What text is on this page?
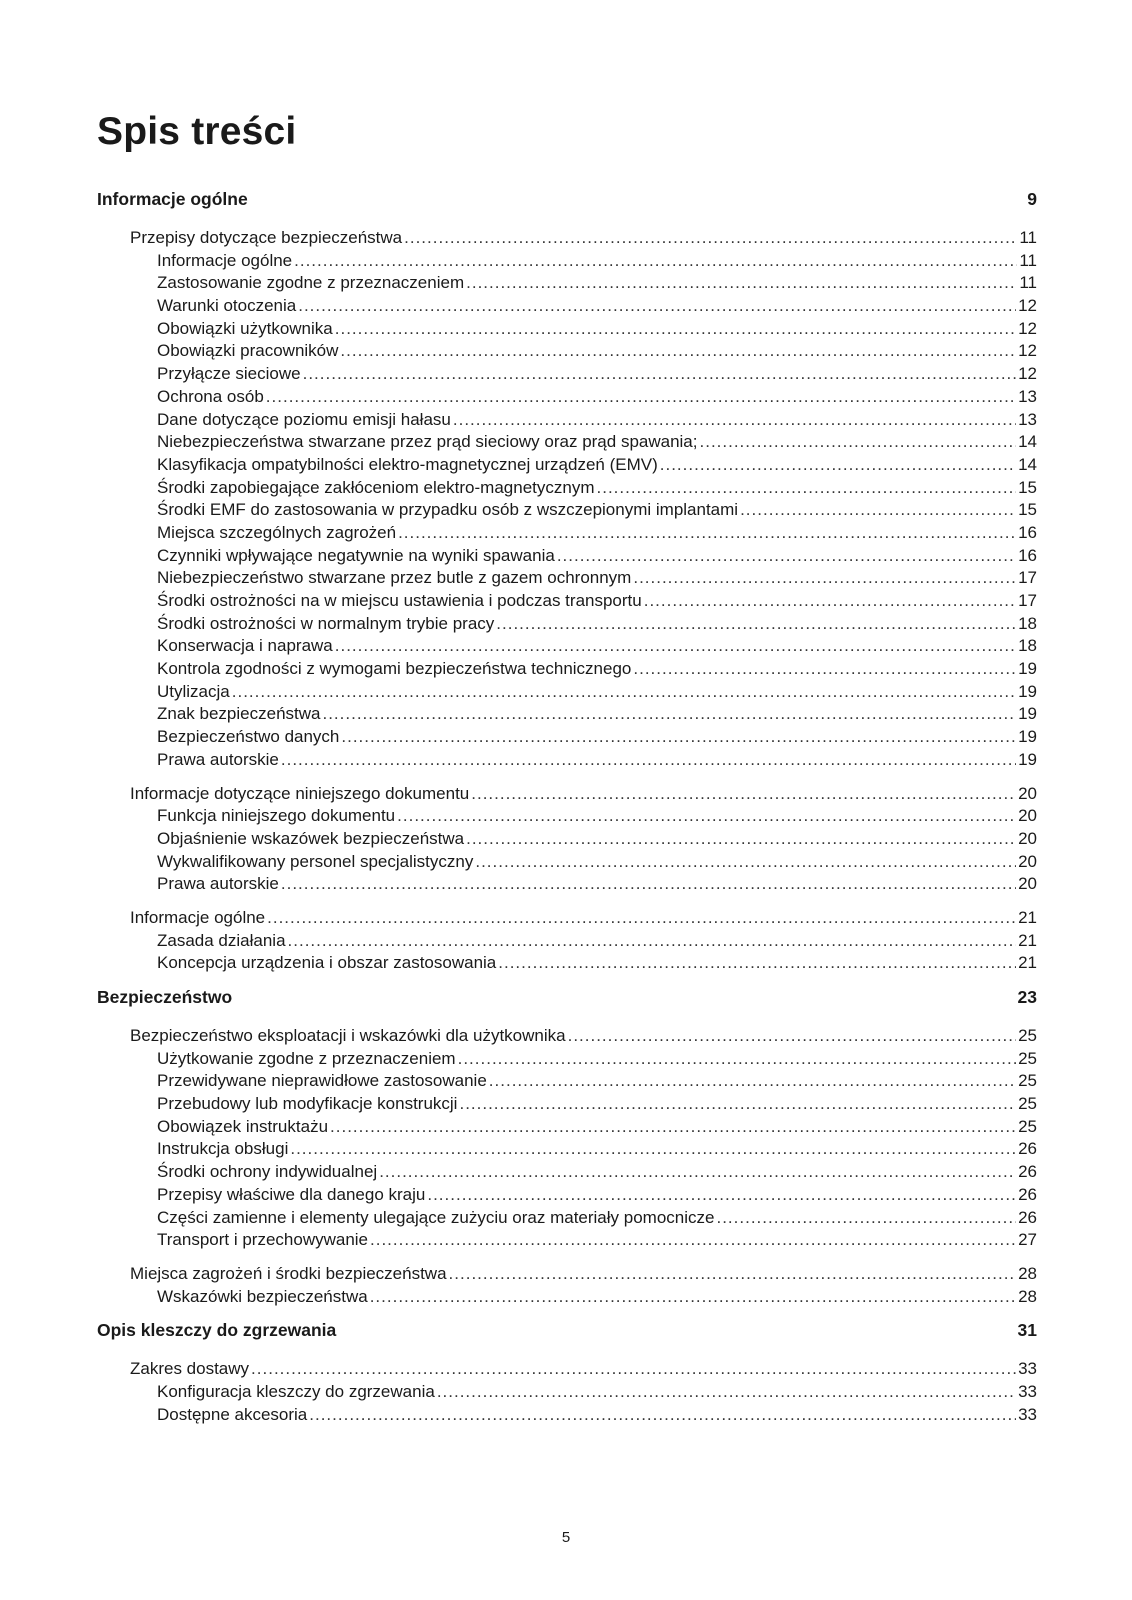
Spis treści
Informacje ogólne	9
Przepisy dotyczące bezpieczeństwa .....	11
Informacje ogólne .....	11
Zastosowanie zgodne z przeznaczeniem .....	11
Warunki otoczenia .....	12
Obowiązki użytkownika .....	12
Obowiązki pracowników .....	12
Przyłącze sieciowe .....	12
Ochrona osób .....	13
Dane dotyczące poziomu emisji hałasu .....	13
Niebezpieczeństwa stwarzane przez prąd sieciowy oraz prąd spawania; .....	14
Klasyfikacja ompatybilności elektro-magnetycznej urządzeń (EMV) .....	14
Środki zapobiegające zakłóceniom elektro-magnetycznym .....	15
Środki EMF do zastosowania w przypadku osób z wszczepionymi implantami .....	15
Miejsca szczególnych zagrożeń .....	16
Czynniki wpływające negatywnie na wyniki spawania .....	16
Niebezpieczeństwo stwarzane przez butle z gazem ochronnym .....	17
Środki ostrożności na w miejscu ustawienia i podczas transportu .....	17
Środki ostrożności w normalnym trybie pracy .....	18
Konserwacja i naprawa .....	18
Kontrola zgodności z wymogami bezpieczeństwa technicznego .....	19
Utylizacja .....	19
Znak bezpieczeństwa .....	19
Bezpieczeństwo danych .....	19
Prawa autorskie .....	19
Informacje dotyczące niniejszego dokumentu .....	20
Funkcja niniejszego dokumentu .....	20
Objaśnienie wskazówek bezpieczeństwa .....	20
Wykwalifikowany personel specjalistyczny .....	20
Prawa autorskie .....	20
Informacje ogólne .....	21
Zasada działania .....	21
Koncepcja urządzenia i obszar zastosowania .....	21
Bezpieczeństwo	23
Bezpieczeństwo eksploatacji i wskazówki dla użytkownika .....	25
Użytkowanie zgodne z przeznaczeniem .....	25
Przewidywane nieprawidłowe zastosowanie .....	25
Przebudowy lub modyfikacje konstrukcji .....	25
Obowiązek instruktażu .....	25
Instrukcja obsługi .....	26
Środki ochrony indywidualnej .....	26
Przepisy właściwe dla danego kraju .....	26
Części zamienne i elementy ulegające zużyciu oraz materiały pomocnicze .....	26
Transport i przechowywanie .....	27
Miejsca zagrożeń i środki bezpieczeństwa .....	28
Wskazówki bezpieczeństwa .....	28
Opis kleszczy do zgrzewania	31
Zakres dostawy .....	33
Konfiguracja kleszczy do zgrzewania .....	33
Dostępne akcesoria .....	33
5
